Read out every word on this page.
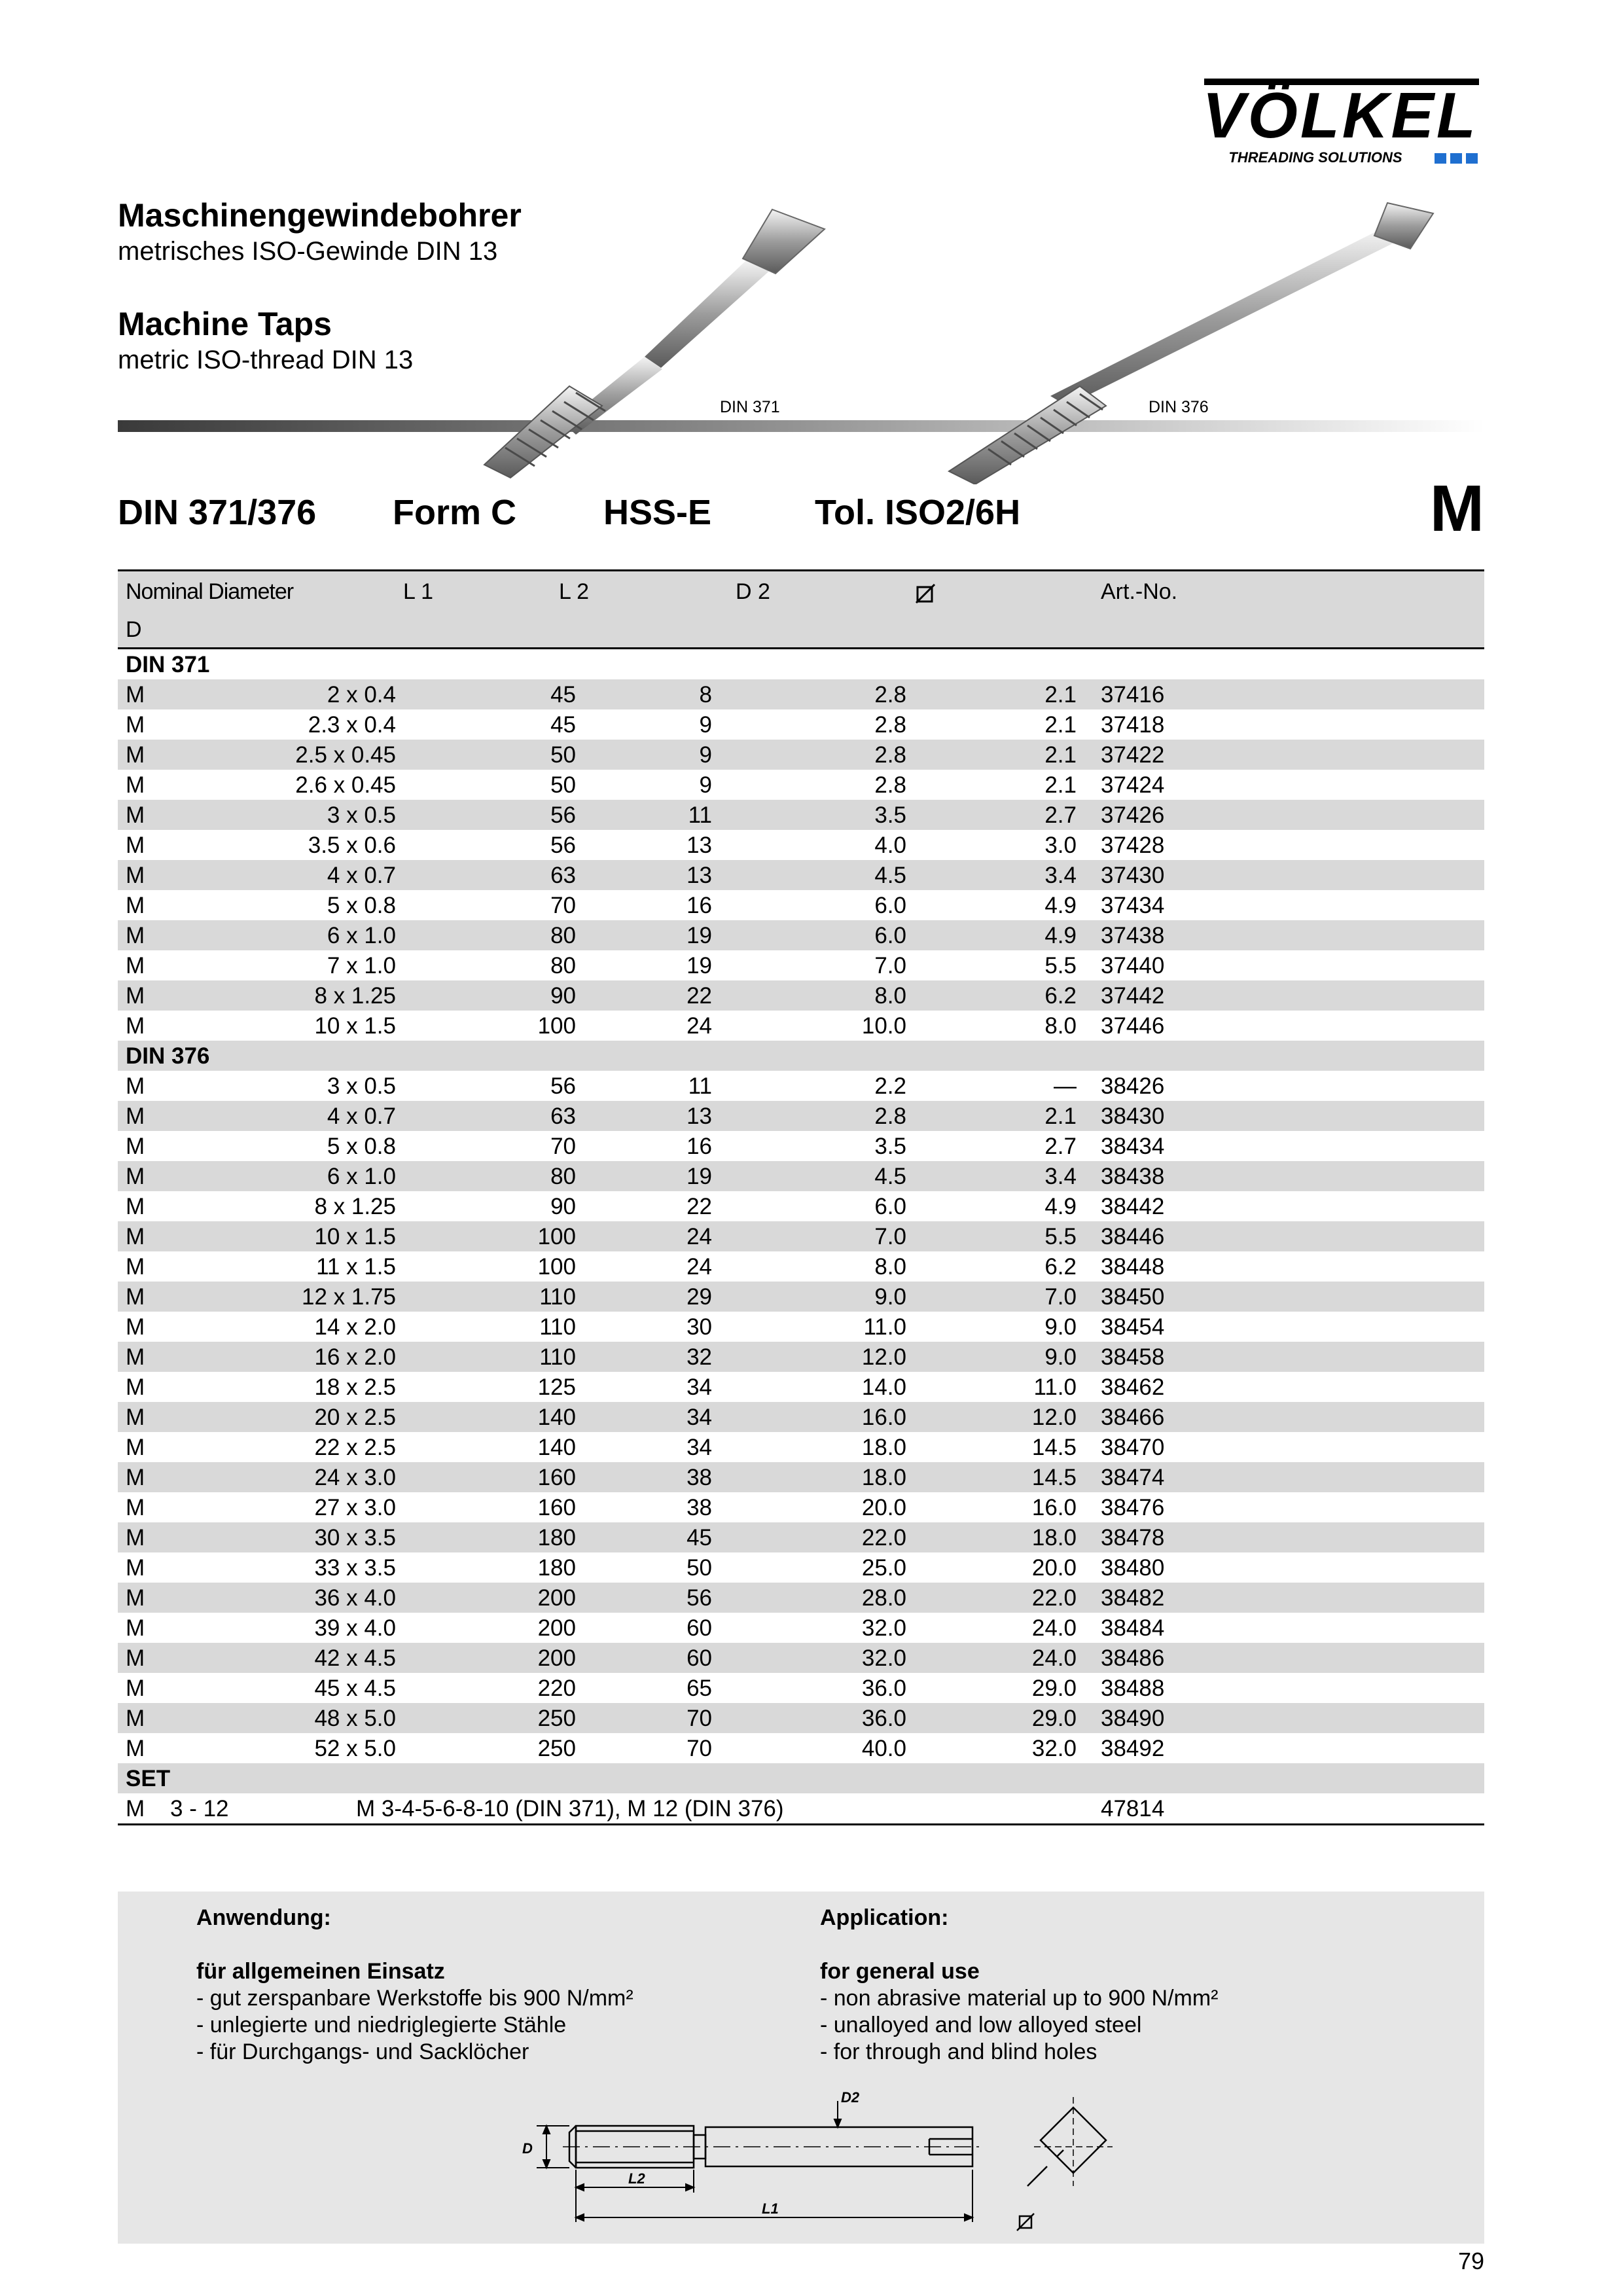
VÖLKEL
THREADING SOLUTIONS
Maschinengewindebohrer
metrisches ISO-Gewinde DIN 13
Machine Taps
metric ISO-thread DIN 13
DIN 371	DIN 376
DIN 371/376 Form C HSS-E	Tol. ISO2/6H	M
Nominal Diameter
D
L 1	L 2	D 2	Art.-No.
DIN 371
M	2 x 0.4	45	8	2.8	2.1 37416
M	2.3 x 0.4	45	9	2.8	2.1 37418
M	2.5 x 0.45	50	9	2.8	2.1 37422
M	2.6 x 0.45	50	9	2.8	2.1 37424
M	3 x 0.5	56	11	3.5	2.7 37426
M	3.5 x 0.6	56	13	4.0	3.0 37428
M	4 x 0.7	63	13	4.5	3.4 37430
M	5 x 0.8	70	16	6.0	4.9 37434
M	6 x 1.0	80	19	6.0	4.9 37438
M	7 x 1.0	80	19	7.0	5.5 37440
M	8 x 1.25	90	22	8.0	6.2 37442
M	10 x 1.5	100	24	10.0	8.0 37446
DIN 376
M	3 x 0.5	56	11	2.2	— 38426
M	4 x 0.7	63	13	2.8	2.1 38430
M	5 x 0.8	70	16	3.5	2.7 38434
M	6 x 1.0	80	19	4.5	3.4 38438
M	8 x 1.25	90	22	6.0	4.9 38442
M	10 x 1.5	100	24	7.0	5.5 38446
M	11 x 1.5	100	24	8.0	6.2 38448
M	12 x 1.75	110	29	9.0	7.0 38450
M	14 x 2.0	110	30	11.0	9.0 38454
M	16 x 2.0	110	32	12.0	9.0 38458
M	18 x 2.5	125	34	14.0	11.0 38462
M	20 x 2.5	140	34	16.0	12.0 38466
M	22 x 2.5	140	34	18.0	14.5 38470
M	24 x 3.0	160	38	18.0	14.5 38474
M	27 x 3.0	160	38	20.0	16.0 38476
M	30 x 3.5	180	45	22.0	18.0 38478
M	33 x 3.5	180	50	25.0	20.0 38480
M	36 x 4.0	200	56	28.0	22.0 38482
M	39 x 4.0	200	60	32.0	24.0 38484
M	42 x 4.5	200	60	32.0	24.0 38486
M	45 x 4.5	220	65	36.0	29.0 38488
M	48 x 5.0	250	70	36.0	29.0 38490
M	52 x 5.0	250	70	40.0	32.0 38492
SET
M 3 - 12	M 3-4-5-6-8-10 (DIN 371), M 12 (DIN 376)	47814
Anwendung:
für allgemeinen Einsatz
- gut zerspanbare Werkstoffe bis 900 N/mm²
- unlegierte und niedriglegierte Stähle
- für Durchgangs- und Sacklöcher
Application:
for general use
- non abrasive material up to 900 N/mm²
- unalloyed and low alloyed steel
- for through and blind holes
D
D2
L2
L1
79
